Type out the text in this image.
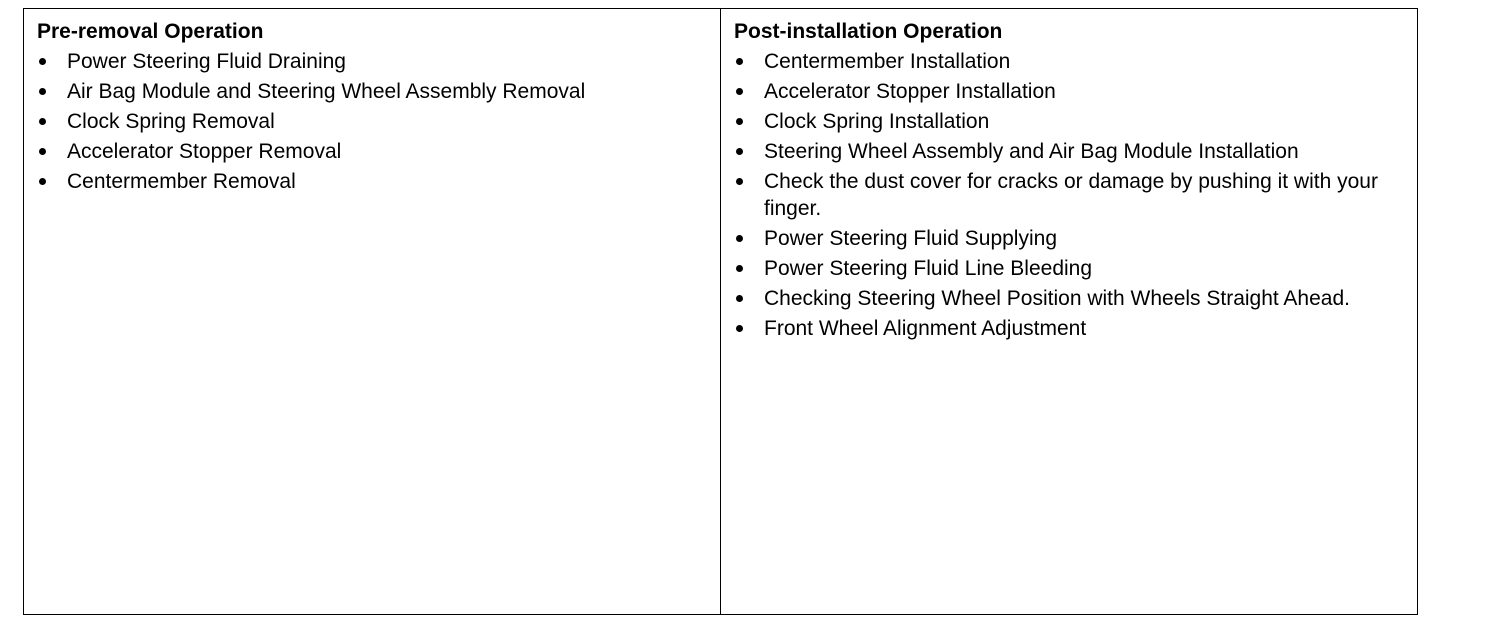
Pre-removal Operation
Power Steering Fluid Draining
Air Bag Module and Steering Wheel Assembly Removal
Clock Spring Removal
Accelerator Stopper Removal
Centermember Removal
Post-installation Operation
Centermember Installation
Accelerator Stopper Installation
Clock Spring Installation
Steering Wheel Assembly and Air Bag Module Installation
Check the dust cover for cracks or damage by pushing it with your finger.
Power Steering Fluid Supplying
Power Steering Fluid Line Bleeding
Checking Steering Wheel Position with Wheels Straight Ahead.
Front Wheel Alignment Adjustment
